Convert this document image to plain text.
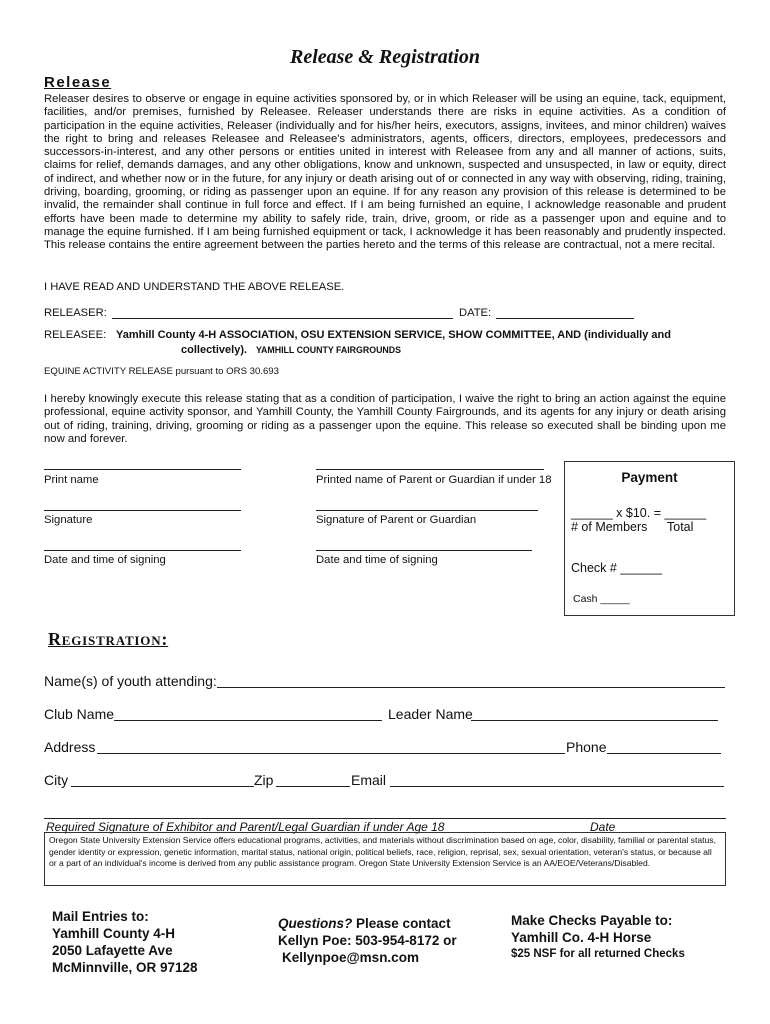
Release & Registration
Release
Releaser desires to observe or engage in equine activities sponsored by, or in which Releaser will be using an equine, tack, equipment, facilities, and/or premises, furnished by Releasee. Releaser understands there are risks in equine activities. As a condition of participation in the equine activities, Releaser (individually and for his/her heirs, executors, assigns, invitees, and minor children) waives the right to bring and releases Releasee and Releasee's administrators, agents, officers, directors, employees, predecessors and successors-in-interest, and any other persons or entities united in interest with Releasee from any and all manner of actions, suits, claims for relief, demands damages, and any other obligations, know and unknown, suspected and unsuspected, in law or equity, direct of indirect, and whether now or in the future, for any injury or death arising out of or connected in any way with observing, riding, training, driving, boarding, grooming, or riding as passenger upon an equine. If for any reason any provision of this release is determined to be invalid, the remainder shall continue in full force and effect. If I am being furnished an equine, I acknowledge reasonable and prudent efforts have been made to determine my ability to safely ride, train, drive, groom, or ride as a passenger upon and equine and to manage the equine furnished. If I am being furnished equipment or tack, I acknowledge it has been reasonably and prudently inspected. This release contains the entire agreement between the parties hereto and the terms of this release are contractual, not a mere recital.
I HAVE READ AND UNDERSTAND THE ABOVE RELEASE.
RELEASER:	DATE:
RELEASEE: Yamhill County 4-H ASSOCIATION, OSU EXTENSION SERVICE, SHOW COMMITTEE, AND (individually and
collectively). YAMHILL COUNTY FAIRGROUNDS
EQUINE ACTIVITY RELEASE pursuant to ORS 30.693
I hereby knowingly execute this release stating that as a condition of participation, I waive the right to bring an action against the equine professional, equine activity sponsor, and Yamhill County, the Yamhill County Fairgrounds, and its agents for any injury or death arising out of riding, training, driving, grooming or riding as a passenger upon the equine. This release so executed shall be binding upon me now and forever.
Print name	Printed name of Parent or Guardian if under 18
Signature	Signature of Parent or Guardian
Date and time of signing	Date and time of signing
Payment
______ x $10. = ______
# of Members Total
Check # ______
Cash _____
Registration:
Name(s) of youth attending:
Club Name	Leader Name
Address	Phone
City	Zip	Email
Required Signature of Exhibitor and Parent/Legal Guardian if under Age 18	Date
Oregon State University Extension Service offers educational programs, activities, and materials without discrimination based on age, color, disability, familial or parental status, gender identity or expression, genetic information, marital status, national origin, political beliefs, race, religion, reprisal, sex, sexual orientation, veteran's status, or because all or a part of an individual's income is derived from any public assistance program. Oregon State University Extension Service is an AA/EOE/Veterans/Disabled.
Mail Entries to:
Yamhill County 4-H
2050 Lafayette Ave
McMinnville, OR 97128
Questions? Please contact
Kellyn Poe: 503-954-8172 or
Kellynpoe@msn.com
Make Checks Payable to:
Yamhill Co. 4-H Horse
$25 NSF for all returned Checks
